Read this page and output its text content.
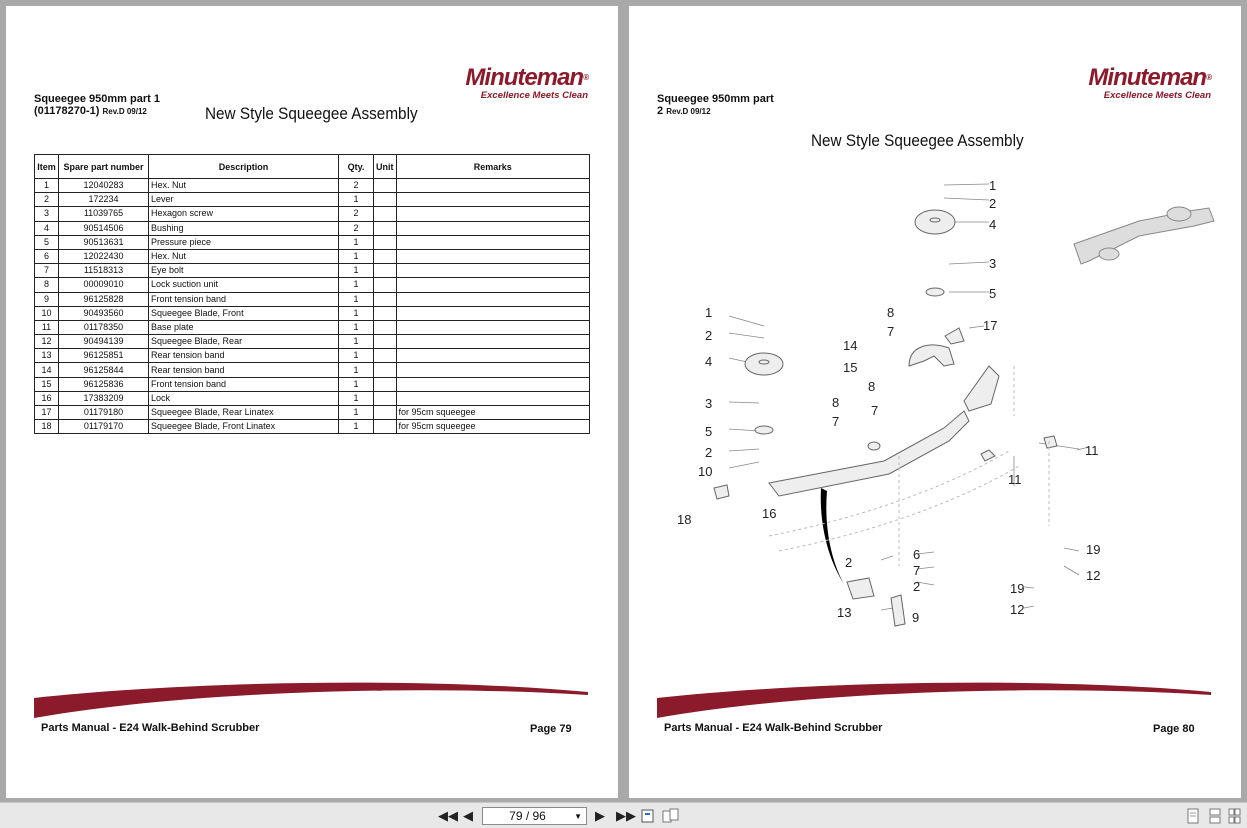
Minuteman®
Excellence Meets Clean
Squeegee 950mm part 1
(01178270-1) Rev.D 09/12	New Style Squeegee Assembly
Item	Spare part number	Description	Qty.	Unit	Remarks
1	12040283	Hex. Nut	2		
2	172234	Lever	1		
3	11039765	Hexagon screw	2		
4	90514506	Bushing	2		
5	90513631	Pressure piece	1		
6	12022430	Hex. Nut	1		
7	11518313	Eye bolt	1		
8	00009010	Lock suction unit	1		
9	96125828	Front tension band	1		
10	90493560	Squeegee Blade, Front	1		
11	01178350	Base plate	1		
12	90494139	Squeegee Blade, Rear	1		
13	96125851	Rear tension band	1		
14	96125844	Rear tension band	1		
15	96125836	Front tension band	1		
16	17383209	Lock	1		
17	01179180	Squeegee Blade, Rear Linatex	1		for 95cm squeegee
18	01179170	Squeegee Blade, Front Linatex	1		for 95cm squeegee
Parts Manual - E24 Walk-Behind Scrubber	Page 79
Minuteman®
Excellence Meets Clean
Squeegee 950mm part
2 Rev.D 09/12
New Style Squeegee Assembly
1
2
4
3
5
8
7	17
1
2
14
15
4
8
3	8
7
7
5
2
10
11
11
18	16
19
12
2
6
7
2	19
12
13	9
Parts Manual - E24 Walk-Behind Scrubber	Page 80
◀◀ ◀	79 / 96	▼ ▶ ▶▶
